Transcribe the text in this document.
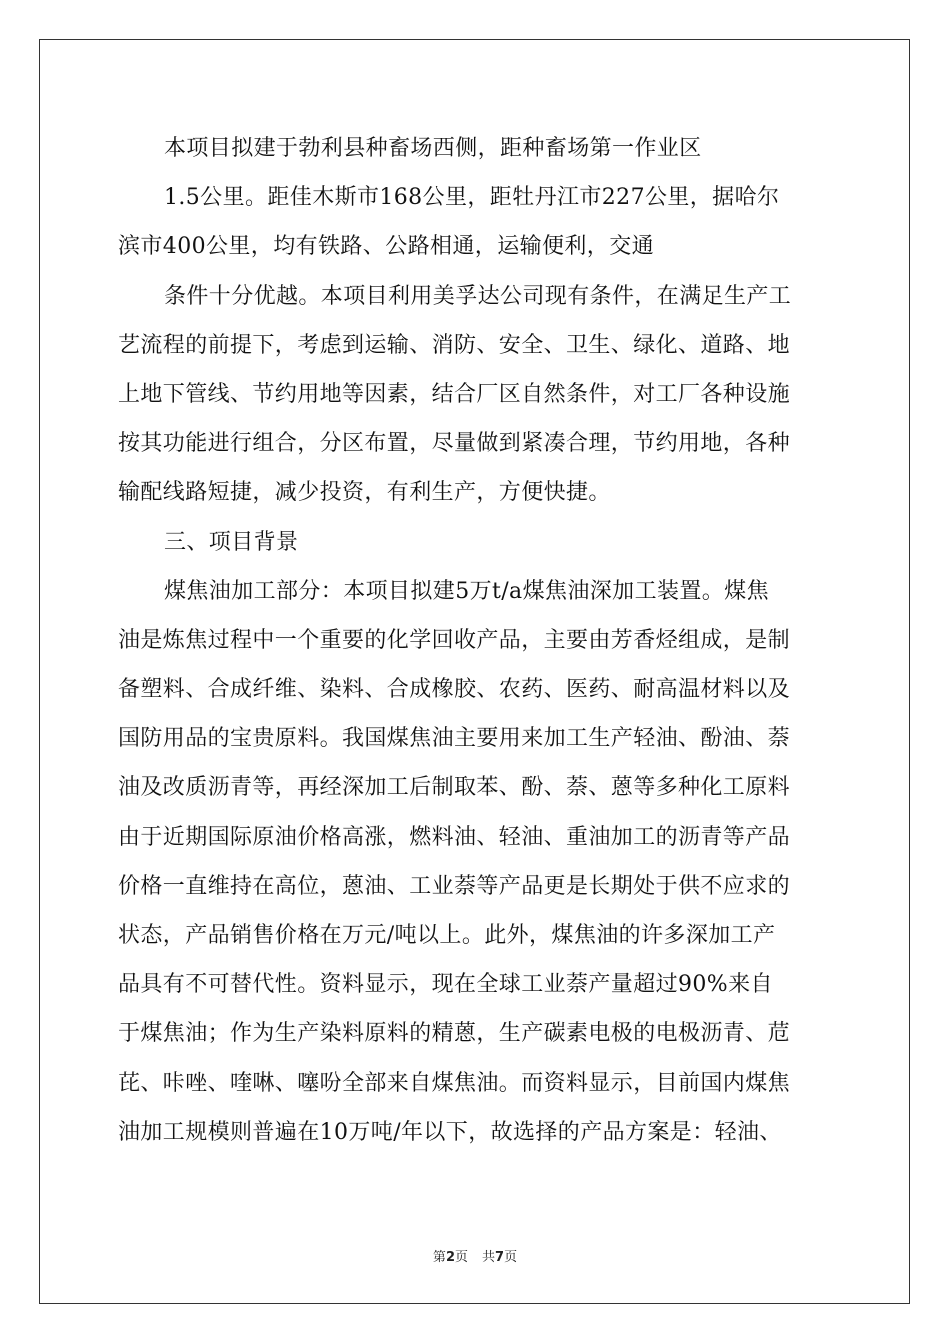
本项目拟建于勃利县种畜场西侧，距种畜场第一作业区
1.5公里。距佳木斯市168公里，距牡丹江市227公里，据哈尔
滨市400公里，均有铁路、公路相通，运输便利，交通
条件十分优越。本项目利用美孚达公司现有条件，在满足生产工
艺流程的前提下，考虑到运输、消防、安全、卫生、绿化、道路、地
上地下管线、节约用地等因素，结合厂区自然条件，对工厂各种设施
按其功能进行组合，分区布置，尽量做到紧凑合理，节约用地，各种
输配线路短捷，减少投资，有利生产，方便快捷。
三、项目背景
煤焦油加工部分：本项目拟建5万t/a煤焦油深加工装置。煤焦
油是炼焦过程中一个重要的化学回收产品，主要由芳香烃组成，是制
备塑料、合成纤维、染料、合成橡胶、农药、医药、耐高温材料以及
国防用品的宝贵原料。我国煤焦油主要用来加工生产轻油、酚油、萘
油及改质沥青等，再经深加工后制取苯、酚、萘、蒽等多种化工原料
由于近期国际原油价格高涨，燃料油、轻油、重油加工的沥青等产品
价格一直维持在高位，蒽油、工业萘等产品更是长期处于供不应求的
状态，产品销售价格在万元/吨以上。此外，煤焦油的许多深加工产
品具有不可替代性。资料显示，现在全球工业萘产量超过90%来自
于煤焦油；作为生产染料原料的精蒽，生产碳素电极的电极沥青、苊
芘、咔唑、喹啉、噻吩全部来自煤焦油。而资料显示，目前国内煤焦
油加工规模则普遍在10万吨/年以下，故选择的产品方案是：轻油、
第2页 共7页
